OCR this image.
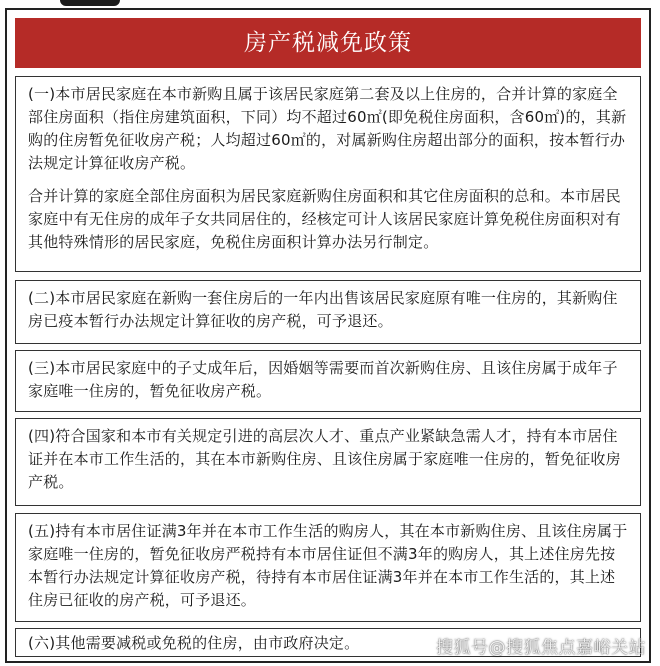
房产税减免政策

(一)本市居民家庭在本市新购且属于该居民家庭第二套及以上住房的，合并计算的家庭全部住房面积（指住房建筑面积，下同）均不超过60㎡(即免税住房面积，含60㎡)的，其新购的住房暂免征收房产税；人均超过60㎡的，对属新购住房超出部分的面积，按本暂行办法规定计算征收房产税。

合并计算的家庭全部住房面积为居民家庭新购住房面积和其它住房面积的总和。本市居民家庭中有无住房的成年子女共同居住的，经核定可计人该居民家庭计算免税住房面积对有其他特殊情形的居民家庭，免税住房面积计算办法另行制定。

(二)本市居民家庭在新购一套住房后的一年内出售该居民家庭原有唯一住房的，其新购住房已疫本暂行办法规定计算征收的房产税，可予退还。

(三)本市居民家庭中的子丈成年后，因婚姻等需要而首次新购住房、且该住房属于成年子家庭唯一住房的，暂免征收房产税。

(四)符合国家和本市有关规定引进的高层次人才、重点产业紧缺急需人才，持有本市居住证并在本市工作生活的，其在本市新购住房、且该住房属于家庭唯一住房的，暂免征收房产税。

(五)持有本市居住证满3年并在本市工作生活的购房人，其在本市新购住房、且该住房属于家庭唯一住房的，暂免征收房严税持有本市居住证但不满3年的购房人，其上述住房先按本暂行办法规定计算征收房产税，待持有本市居住证满3年并在本市工作生活的，其上述住房已征收的房产税，可予退还。

(六)其他需要减税或免税的住房，由市政府决定。	搜狐号@搜狐焦点嘉峪关站
